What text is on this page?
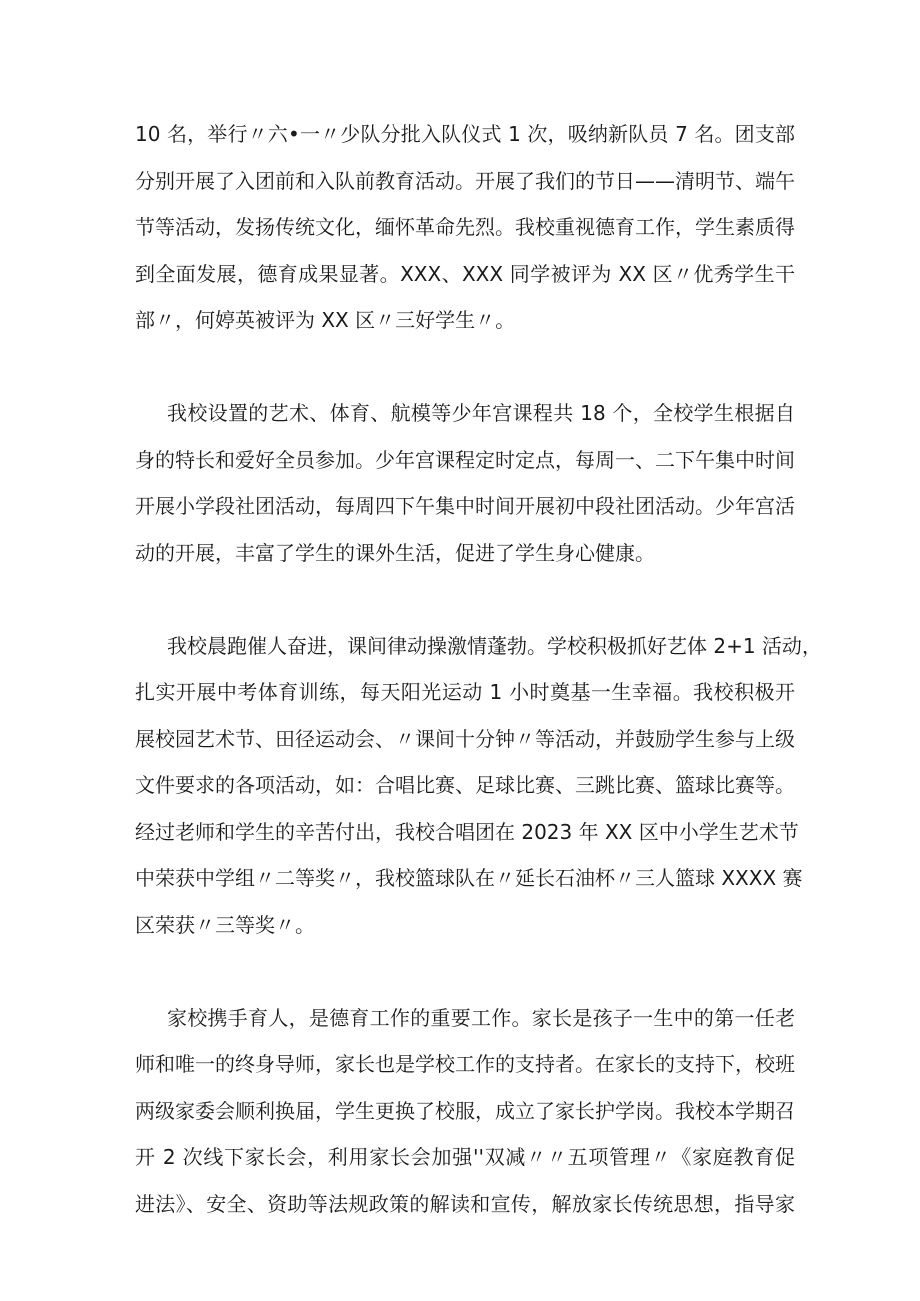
10 名，举行〃六•一〃少队分批入队仪式 1 次，吸纳新队员 7 名。团支部
分别开展了入团前和入队前教育活动。开展了我们的节日——清明节、端午
节等活动，发扬传统文化，缅怀革命先烈。我校重视德育工作，学生素质得
到全面发展，德育成果显著。XXX、XXX 同学被评为 XX 区〃优秀学生干
部〃，何婷英被评为 XX 区〃三好学生〃。
我校设置的艺术、体育、航模等少年宫课程共 18 个，全校学生根据自
身的特长和爱好全员参加。少年宫课程定时定点，每周一、二下午集中时间
开展小学段社团活动，每周四下午集中时间开展初中段社团活动。少年宫活
动的开展，丰富了学生的课外生活，促进了学生身心健康。
我校晨跑催人奋进，课间律动操激情蓬勃。学校积极抓好艺体 2+1 活动，
扎实开展中考体育训练，每天阳光运动 1 小时奠基一生幸福。我校积极开
展校园艺术节、田径运动会、〃课间十分钟〃等活动，并鼓励学生参与上级
文件要求的各项活动，如：合唱比赛、足球比赛、三跳比赛、篮球比赛等。
经过老师和学生的辛苦付出，我校合唱团在 2023 年 XX 区中小学生艺术节
中荣获中学组〃二等奖〃，我校篮球队在〃延长石油杯〃三人篮球 XXXX 赛
区荣获〃三等奖〃。
家校携手育人，是德育工作的重要工作。家长是孩子一生中的第一任老
师和唯一的终身导师，家长也是学校工作的支持者。在家长的支持下，校班
两级家委会顺利换届，学生更换了校服，成立了家长护学岗。我校本学期召
开 2 次线下家长会，利用家长会加强''双减〃〃五项管理〃《家庭教育促
进法》、安全、资助等法规政策的解读和宣传，解放家长传统思想，指导家
